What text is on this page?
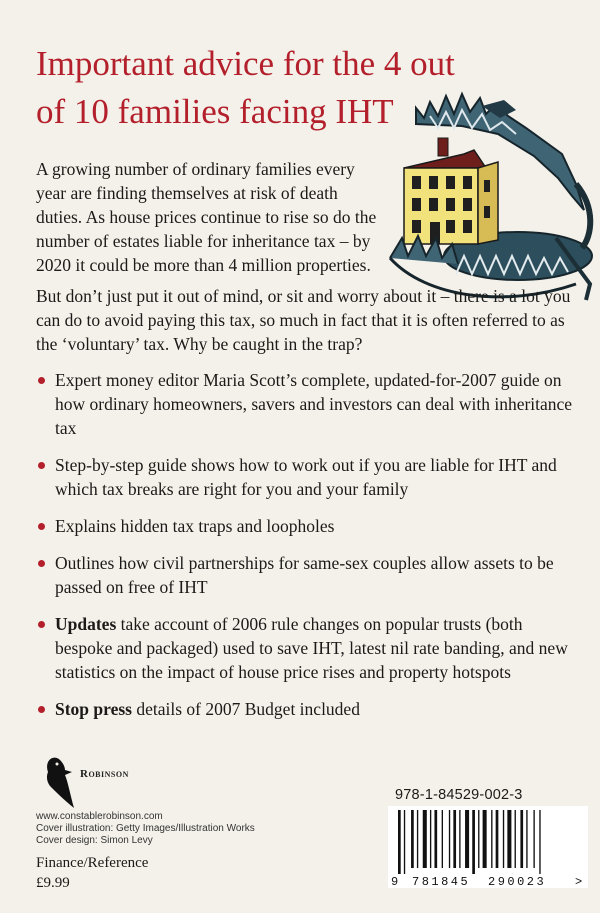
Important advice for the 4 out
of 10 families facing IHT

A growing number of ordinary families every year are finding themselves at risk of death duties. As house prices continue to rise so do the number of estates liable for inheritance tax – by 2020 it could be more than 4 million properties.

But don’t just put it out of mind, or sit and worry about it – there is a lot you can do to avoid paying this tax, so much in fact that it is often referred to as the ‘voluntary’ tax. Why be caught in the trap?

Expert money editor Maria Scott’s complete, updated-for-2007 guide on how ordinary homeowners, savers and investors can deal with inheritance tax
Step-by-step guide shows how to work out if you are liable for IHT and which tax breaks are right for you and your family
Explains hidden tax traps and loopholes
Outlines how civil partnerships for same-sex couples allow assets to be passed on free of IHT
Updates take account of 2006 rule changes on popular trusts (both bespoke and packaged) used to save IHT, latest nil rate banding, and new statistics on the impact of house price rises and property hotspots
Stop press details of 2007 Budget included
Robinson
www.constablerobinson.com
Cover illustration: Getty Images/Illustration Works
Cover design: Simon Levy
Finance/Reference
£9.99
978-1-84529-002-3
9 781845 290023 >
